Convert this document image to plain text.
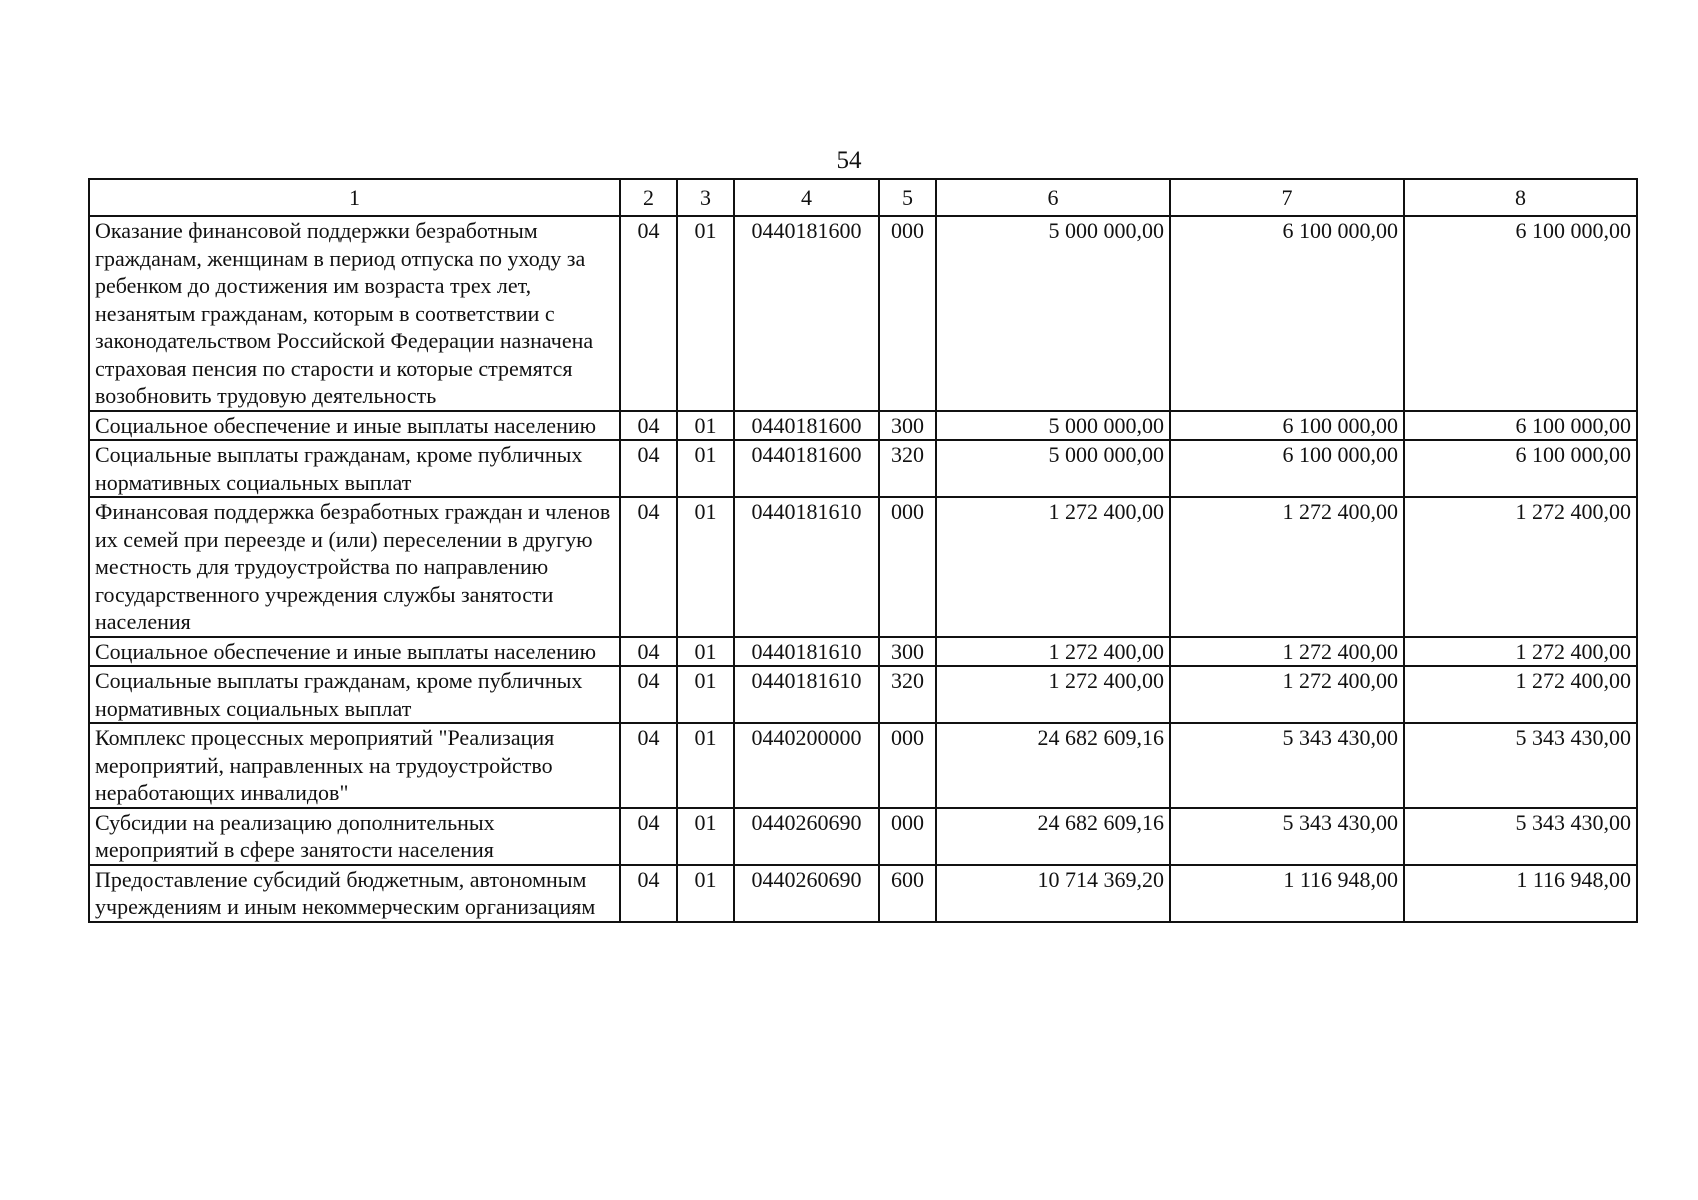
54
1	2	3	4	5	6	7	8
Оказание финансовой поддержки безработным гражданам, женщинам в период отпуска по уходу за ребенком до достижения им возраста трех лет, незанятым гражданам, которым в соответствии с законодательством Российской Федерации назначена страховая пенсия по старости и которые стремятся возобновить трудовую деятельность	04	01	0440181600	000	5 000 000,00	6 100 000,00	6 100 000,00
Социальное обеспечение и иные выплаты населению	04	01	0440181600	300	5 000 000,00	6 100 000,00	6 100 000,00
Социальные выплаты гражданам, кроме публичных нормативных социальных выплат	04	01	0440181600	320	5 000 000,00	6 100 000,00	6 100 000,00
Финансовая поддержка безработных граждан и членов их семей при переезде и (или) переселении в другую местность для трудоустройства по направлению государственного учреждения службы занятости населения	04	01	0440181610	000	1 272 400,00	1 272 400,00	1 272 400,00
Социальное обеспечение и иные выплаты населению	04	01	0440181610	300	1 272 400,00	1 272 400,00	1 272 400,00
Социальные выплаты гражданам, кроме публичных нормативных социальных выплат	04	01	0440181610	320	1 272 400,00	1 272 400,00	1 272 400,00
Комплекс процессных мероприятий "Реализация мероприятий, направленных на трудоустройство неработающих инвалидов"	04	01	0440200000	000	24 682 609,16	5 343 430,00	5 343 430,00
Субсидии на реализацию дополнительных мероприятий в сфере занятости населения	04	01	0440260690	000	24 682 609,16	5 343 430,00	5 343 430,00
Предоставление субсидий бюджетным, автономным учреждениям и иным некоммерческим организациям	04	01	0440260690	600	10 714 369,20	1 116 948,00	1 116 948,00
